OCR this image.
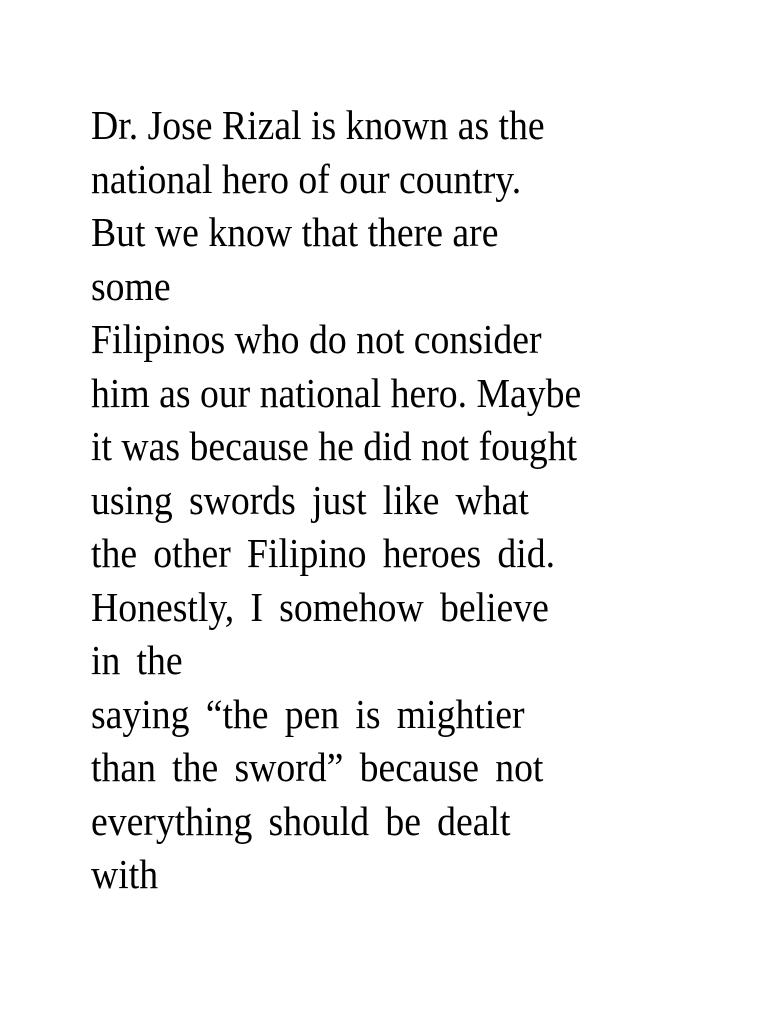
Dr. Jose Rizal is known as the
national hero of our country.
But we know that there are
some
Filipinos who do not consider
him as our national hero. Maybe
it was because he did not fought
using swords just like what
the other Filipino heroes did.
Honestly, I somehow believe
in the
saying “the pen is mightier
than the sword” because not
everything should be dealt
with
